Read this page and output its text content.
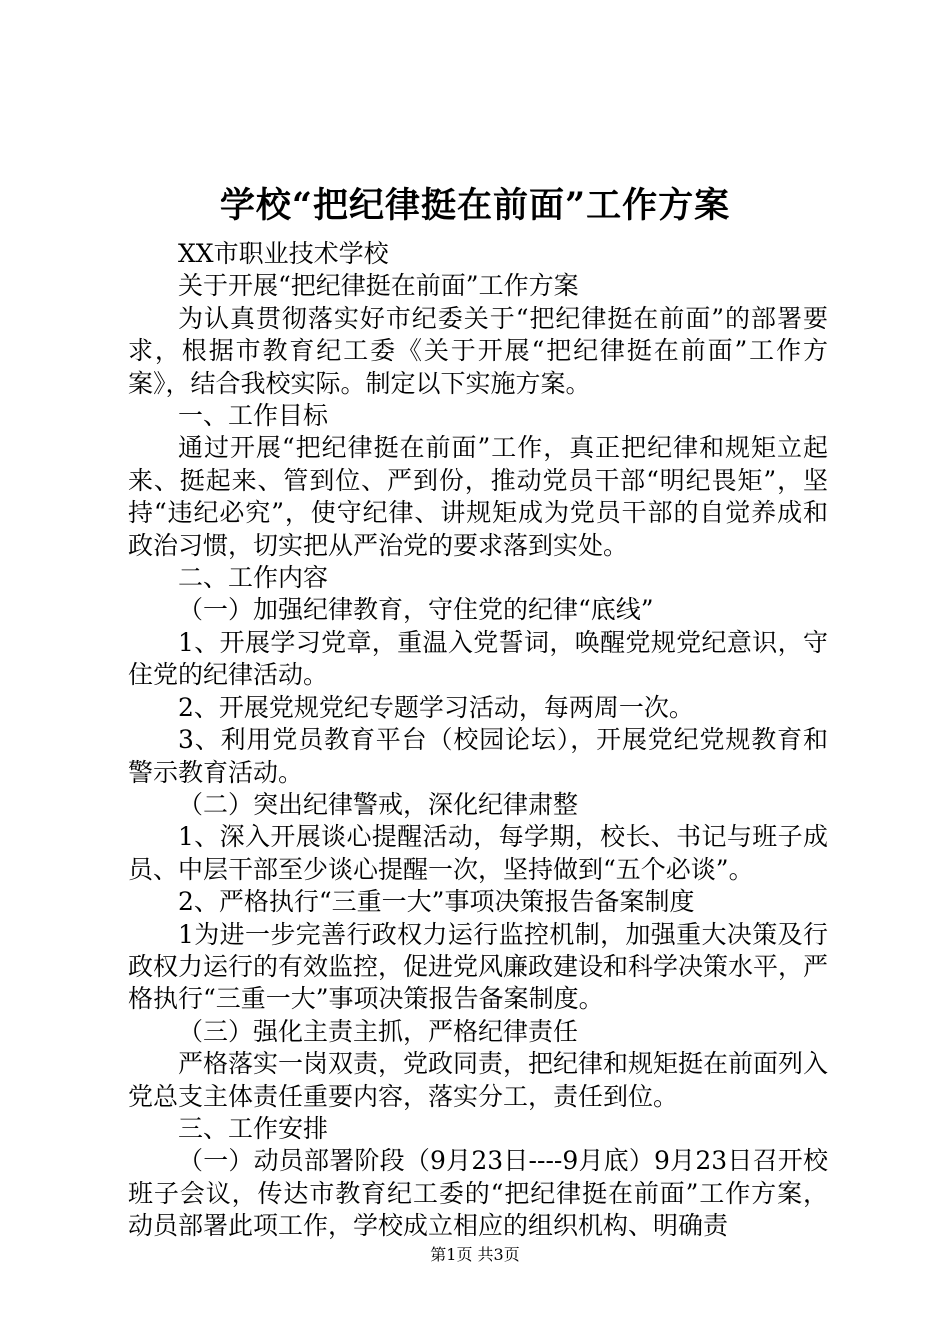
学校“把纪律挺在前面”工作方案

XX市职业技术学校

关于开展“把纪律挺在前面”工作方案

为认真贯彻落实好市纪委关于“把纪律挺在前面”的部署要求，根据市教育纪工委《关于开展“把纪律挺在前面”工作方案》，结合我校实际。制定以下实施方案。

一、工作目标

通过开展“把纪律挺在前面”工作，真正把纪律和规矩立起来、挺起来、管到位、严到份，推动党员干部“明纪畏矩”，坚持“违纪必究”，使守纪律、讲规矩成为党员干部的自觉养成和政治习惯，切实把从严治党的要求落到实处。

二、工作内容

（一）加强纪律教育，守住党的纪律“底线”

1、开展学习党章，重温入党誓词，唤醒党规党纪意识，守住党的纪律活动。

2、开展党规党纪专题学习活动，每两周一次。

3、利用党员教育平台（校园论坛），开展党纪党规教育和警示教育活动。

（二）突出纪律警戒，深化纪律肃整

1、深入开展谈心提醒活动，每学期，校长、书记与班子成员、中层干部至少谈心提醒一次，坚持做到“五个必谈”。

2、严格执行“三重一大”事项决策报告备案制度

1为进一步完善行政权力运行监控机制，加强重大决策及行政权力运行的有效监控，促进党风廉政建设和科学决策水平，严格执行“三重一大”事项决策报告备案制度。

（三）强化主责主抓，严格纪律责任

严格落实一岗双责，党政同责，把纪律和规矩挺在前面列入党总支主体责任重要内容，落实分工，责任到位。

三、工作安排

（一）动员部署阶段（9月23日----9月底）9月23日召开校班子会议，传达市教育纪工委的“把纪律挺在前面”工作方案，动员部署此项工作，学校成立相应的组织机构、明确责

第1页 共3页
